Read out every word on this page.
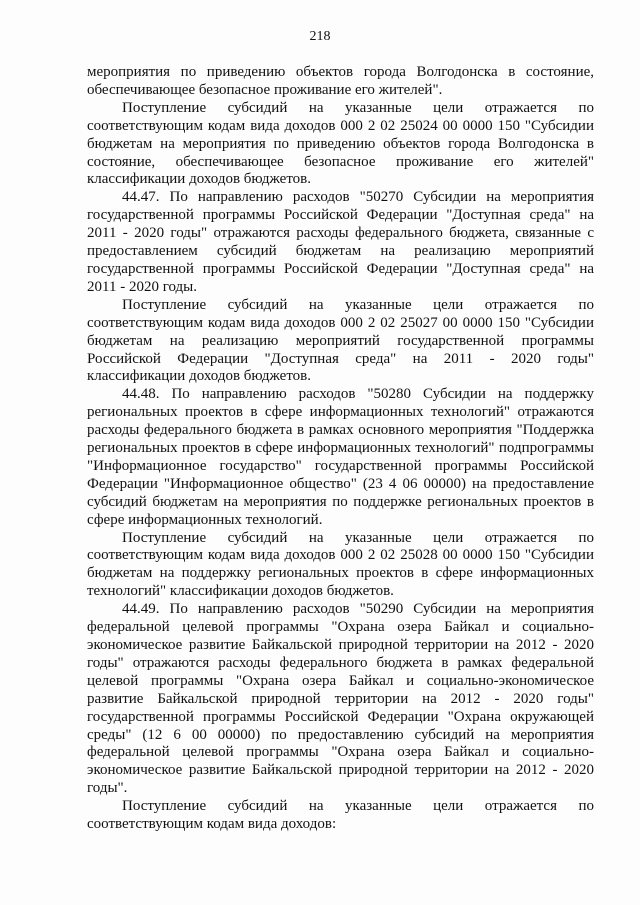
218

мероприятия по приведению объектов города Волгодонска в состояние, обеспечивающее безопасное проживание его жителей".

Поступление субсидий на указанные цели отражается по соответствующим кодам вида доходов 000 2 02 25024 00 0000 150 "Субсидии бюджетам на мероприятия по приведению объектов города Волгодонска в состояние, обеспечивающее безопасное проживание его жителей" классификации доходов бюджетов.

44.47. По направлению расходов "50270 Субсидии на мероприятия государственной программы Российской Федерации "Доступная среда" на 2011 - 2020 годы" отражаются расходы федерального бюджета, связанные с предоставлением субсидий бюджетам на реализацию мероприятий государственной программы Российской Федерации "Доступная среда" на 2011 - 2020 годы.

Поступление субсидий на указанные цели отражается по соответствующим кодам вида доходов 000 2 02 25027 00 0000 150 "Субсидии бюджетам на реализацию мероприятий государственной программы Российской Федерации "Доступная среда" на 2011 - 2020 годы" классификации доходов бюджетов.

44.48. По направлению расходов "50280 Субсидии на поддержку региональных проектов в сфере информационных технологий" отражаются расходы федерального бюджета в рамках основного мероприятия "Поддержка региональных проектов в сфере информационных технологий" подпрограммы "Информационное государство" государственной программы Российской Федерации "Информационное общество" (23 4 06 00000) на предоставление субсидий бюджетам на мероприятия по поддержке региональных проектов в сфере информационных технологий.

Поступление субсидий на указанные цели отражается по соответствующим кодам вида доходов 000 2 02 25028 00 0000 150 "Субсидии бюджетам на поддержку региональных проектов в сфере информационных технологий" классификации доходов бюджетов.

44.49. По направлению расходов "50290 Субсидии на мероприятия федеральной целевой программы "Охрана озера Байкал и социально-экономическое развитие Байкальской природной территории на 2012 - 2020 годы" отражаются расходы федерального бюджета в рамках федеральной целевой программы "Охрана озера Байкал и социально-экономическое развитие Байкальской природной территории на 2012 - 2020 годы" государственной программы Российской Федерации "Охрана окружающей среды" (12 6 00 00000) по предоставлению субсидий на мероприятия федеральной целевой программы "Охрана озера Байкал и социально-экономическое развитие Байкальской природной территории на 2012 - 2020 годы".

Поступление субсидий на указанные цели отражается по соответствующим кодам вида доходов:
